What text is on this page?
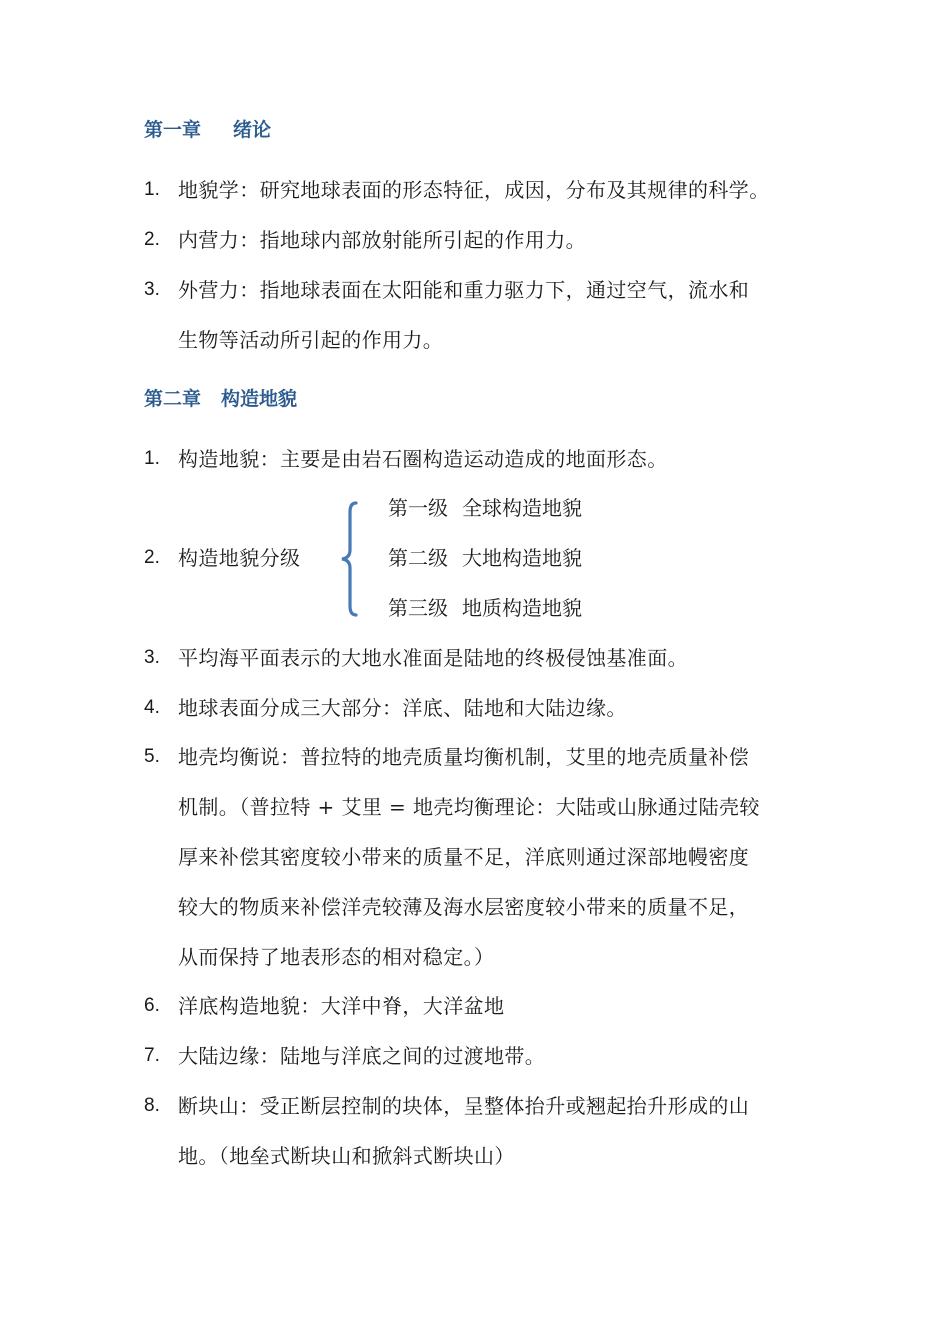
第一章 绪论
1. 地貌学：研究地球表面的形态特征，成因，分布及其规律的科学。
2. 内营力：指地球内部放射能所引起的作用力。
3. 外营力：指地球表面在太阳能和重力驱力下，通过空气，流水和
生物等活动所引起的作用力。
第二章 构造地貌
1. 构造地貌：主要是由岩石圈构造运动造成的地面形态。
2. 构造地貌分级
第一级 全球构造地貌
第二级 大地构造地貌
第三级 地质构造地貌
3. 平均海平面表示的大地水准面是陆地的终极侵蚀基准面。
4. 地球表面分成三大部分：洋底、陆地和大陆边缘。
5. 地壳均衡说：普拉特的地壳质量均衡机制，艾里的地壳质量补偿
机制。（普拉特 + 艾里 = 地壳均衡理论：大陆或山脉通过陆壳较
厚来补偿其密度较小带来的质量不足，洋底则通过深部地幔密度
较大的物质来补偿洋壳较薄及海水层密度较小带来的质量不足，
从而保持了地表形态的相对稳定。）
6. 洋底构造地貌：大洋中脊，大洋盆地
7. 大陆边缘：陆地与洋底之间的过渡地带。
8. 断块山：受正断层控制的块体，呈整体抬升或翘起抬升形成的山
地。（地垒式断块山和掀斜式断块山）
